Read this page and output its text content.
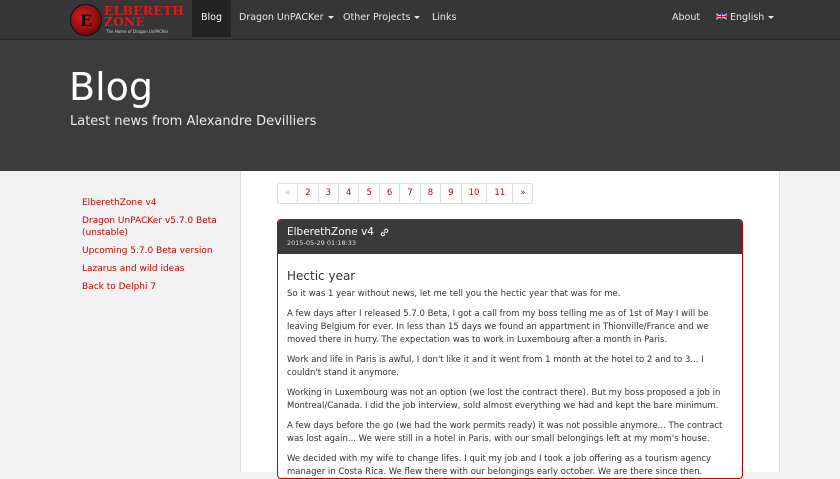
E ELBERETH
ZONE
The Home of Dragon UnPACKer
Blog	Dragon UnPACKer	Other Projects	Links	About	English
Blog
Latest news from Alexandre Devilliers
ElberethZone v4
Dragon UnPACKer v5.7.0 Beta (unstable)
Upcoming 5.7.0 Beta version
Lazarus and wild ideas
Back to Delphi 7
«	2	3	4	5	6	7	8	9	10	11	»
ElberethZone v4
2015-05-29 01:18:33
Hectic year

So it was 1 year without news, let me tell you the hectic year that was for me.

A few days after I released 5.7.0 Beta, I got a call from my boss telling me as of 1st of May I will be leaving Belgium for ever. In less than 15 days we found an appartment in Thionville/France and we moved there in hurry. The expectation was to work in Luxembourg after a month in Paris.

Work and life in Paris is awful, I don't like it and it went from 1 month at the hotel to 2 and to 3... I couldn't stand it anymore.

Working in Luxembourg was not an option (we lost the contract there). But my boss proposed a job in Montreal/Canada. I did the job interview, sold almost everything we had and kept the bare minimum.

A few days before the go (we had the work permits ready) it was not possible anymore... The contract was lost again... We were still in a hotel in Paris, with our small belongings left at my mom's house.

We decided with my wife to change lifes. I quit my job and I took a job offering as a tourism agency manager in Costa Rica. We flew there with our belongings early october. We are there since then.
